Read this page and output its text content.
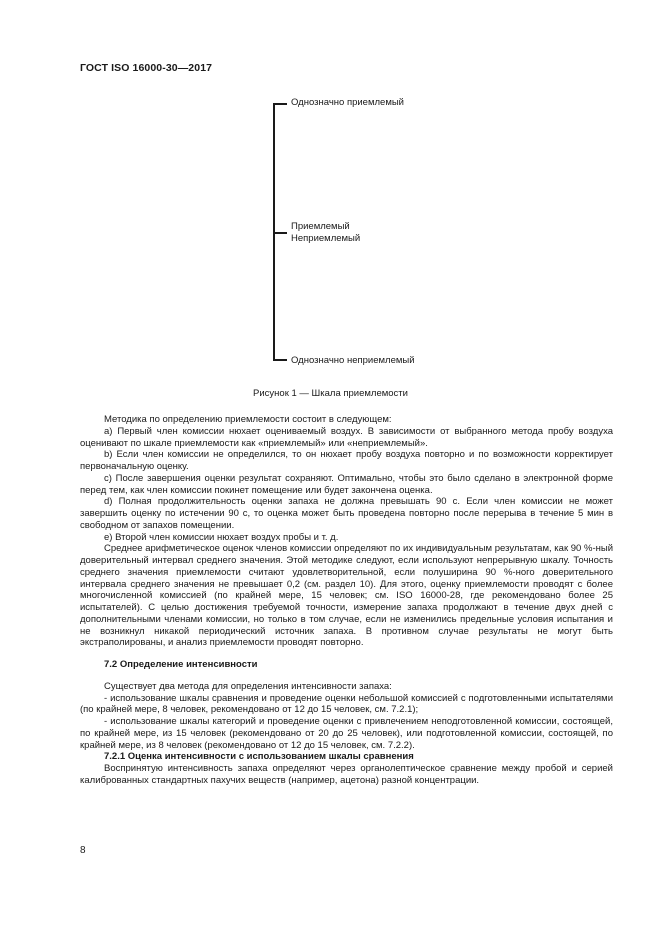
ГОСТ ISO 16000-30—2017
Однозначно приемлемый
Приемлемый
Неприемлемый
Однозначно неприемлемый
Рисунок 1 — Шкала приемлемости

Методика по определению приемлемости состоит в следующем:

a) Первый член комиссии нюхает оцениваемый воздух. В зависимости от выбранного метода пробу воздуха оценивают по шкале приемлемости как «приемлемый» или «неприемлемый».

b) Если член комиссии не определился, то он нюхает пробу воздуха повторно и по возможности корректирует первоначальную оценку.

c) После завершения оценки результат сохраняют. Оптимально, чтобы это было сделано в электронной форме перед тем, как член комиссии покинет помещение или будет закончена оценка.

d) Полная продолжительность оценки запаха не должна превышать 90 с. Если член комиссии не может завершить оценку по истечении 90 с, то оценка может быть проведена повторно после перерыва в течение 5 мин в свободном от запахов помещении.

e) Второй член комиссии нюхает воздух пробы и т. д.

Среднее арифметическое оценок членов комиссии определяют по их индивидуальным результатам, как 90 %-ный доверительный интервал среднего значения. Этой методике следуют, если используют непрерывную шкалу. Точность среднего значения приемлемости считают удовлетворительной, если полуширина 90 %-ного доверительного интервала среднего значения не превышает 0,2 (см. раздел 10). Для этого, оценку приемлемости проводят с более многочисленной комиссией (по крайней мере, 15 человек; см. ISO 16000-28, где рекомендовано более 25 испытателей). С целью достижения требуемой точности, измерение запаха продолжают в течение двух дней с дополнительными членами комиссии, но только в том случае, если не изменились предельные условия испытания и не возникнул никакой периодический источник запаха. В противном случае результаты не могут быть экстраполированы, и анализ приемлемости проводят повторно.

7.2 Определение интенсивности

Существует два метода для определения интенсивности запаха:

- использование шкалы сравнения и проведение оценки небольшой комиссией с подготовленными испытателями (по крайней мере, 8 человек, рекомендовано от 12 до 15 человек, см. 7.2.1);

- использование шкалы категорий и проведение оценки с привлечением неподготовленной комиссии, состоящей, по крайней мере, из 15 человек (рекомендовано от 20 до 25 человек), или подготовленной комиссии, состоящей, по крайней мере, из 8 человек (рекомендовано от 12 до 15 человек, см. 7.2.2).

7.2.1 Оценка интенсивности с использованием шкалы сравнения

Воспринятую интенсивность запаха определяют через органолептическое сравнение между пробой и серией калиброванных стандартных пахучих веществ (например, ацетона) разной концентрации.

8
